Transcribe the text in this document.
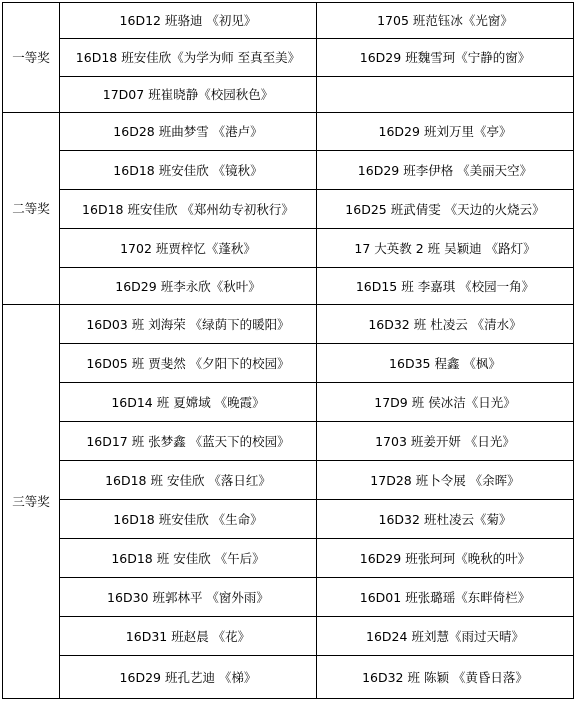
一等奖	16D12 班骆迪 《初见》	1705 班范钰冰《光窗》
	16D18 班安佳欣《为学为师 至真至美》	16D29 班魏雪珂《宁静的窗》
	17D07 班崔晓静《校园秋色》	
二等奖	16D28 班曲梦雪 《港卢》	16D29 班刘万里《亭》
	16D18 班安佳欣 《镜秋》	16D29 班李伊格 《美丽天空》
	16D18 班安佳欣 《郑州幼专初秋行》	16D25 班武倩雯 《天边的火烧云》
	1702 班贾梓忆《蓬秋》	17 大英教 2 班 吴颖迪 《路灯》
	16D29 班李永欣《秋叶》	16D15 班 李嘉琪 《校园一角》
三等奖	16D03 班 刘海荣 《绿荫下的暖阳》	16D32 班 杜凌云 《清水》
	16D05 班 贾斐然 《夕阳下的校园》	16D35 程鑫 《枫》
	16D14 班 夏嫦域 《晚霞》	17D9 班 侯冰洁《日光》
	16D17 班 张梦鑫 《蓝天下的校园》	1703 班姜开妍 《日光》
	16D18 班 安佳欣 《落日红》	17D28 班卜令展 《余晖》
	16D18 班安佳欣 《生命》	16D32 班杜凌云《菊》
	16D18 班 安佳欣 《午后》	16D29 班张珂珂《晚秋的叶》
	16D30 班郭林平 《窗外雨》	16D01 班张璐瑶《东畔倚栏》
	16D31 班赵晨 《花》	16D24 班刘慧《雨过天晴》
	16D29 班孔艺迪 《梯》	16D32 班 陈颖 《黄昏日落》
